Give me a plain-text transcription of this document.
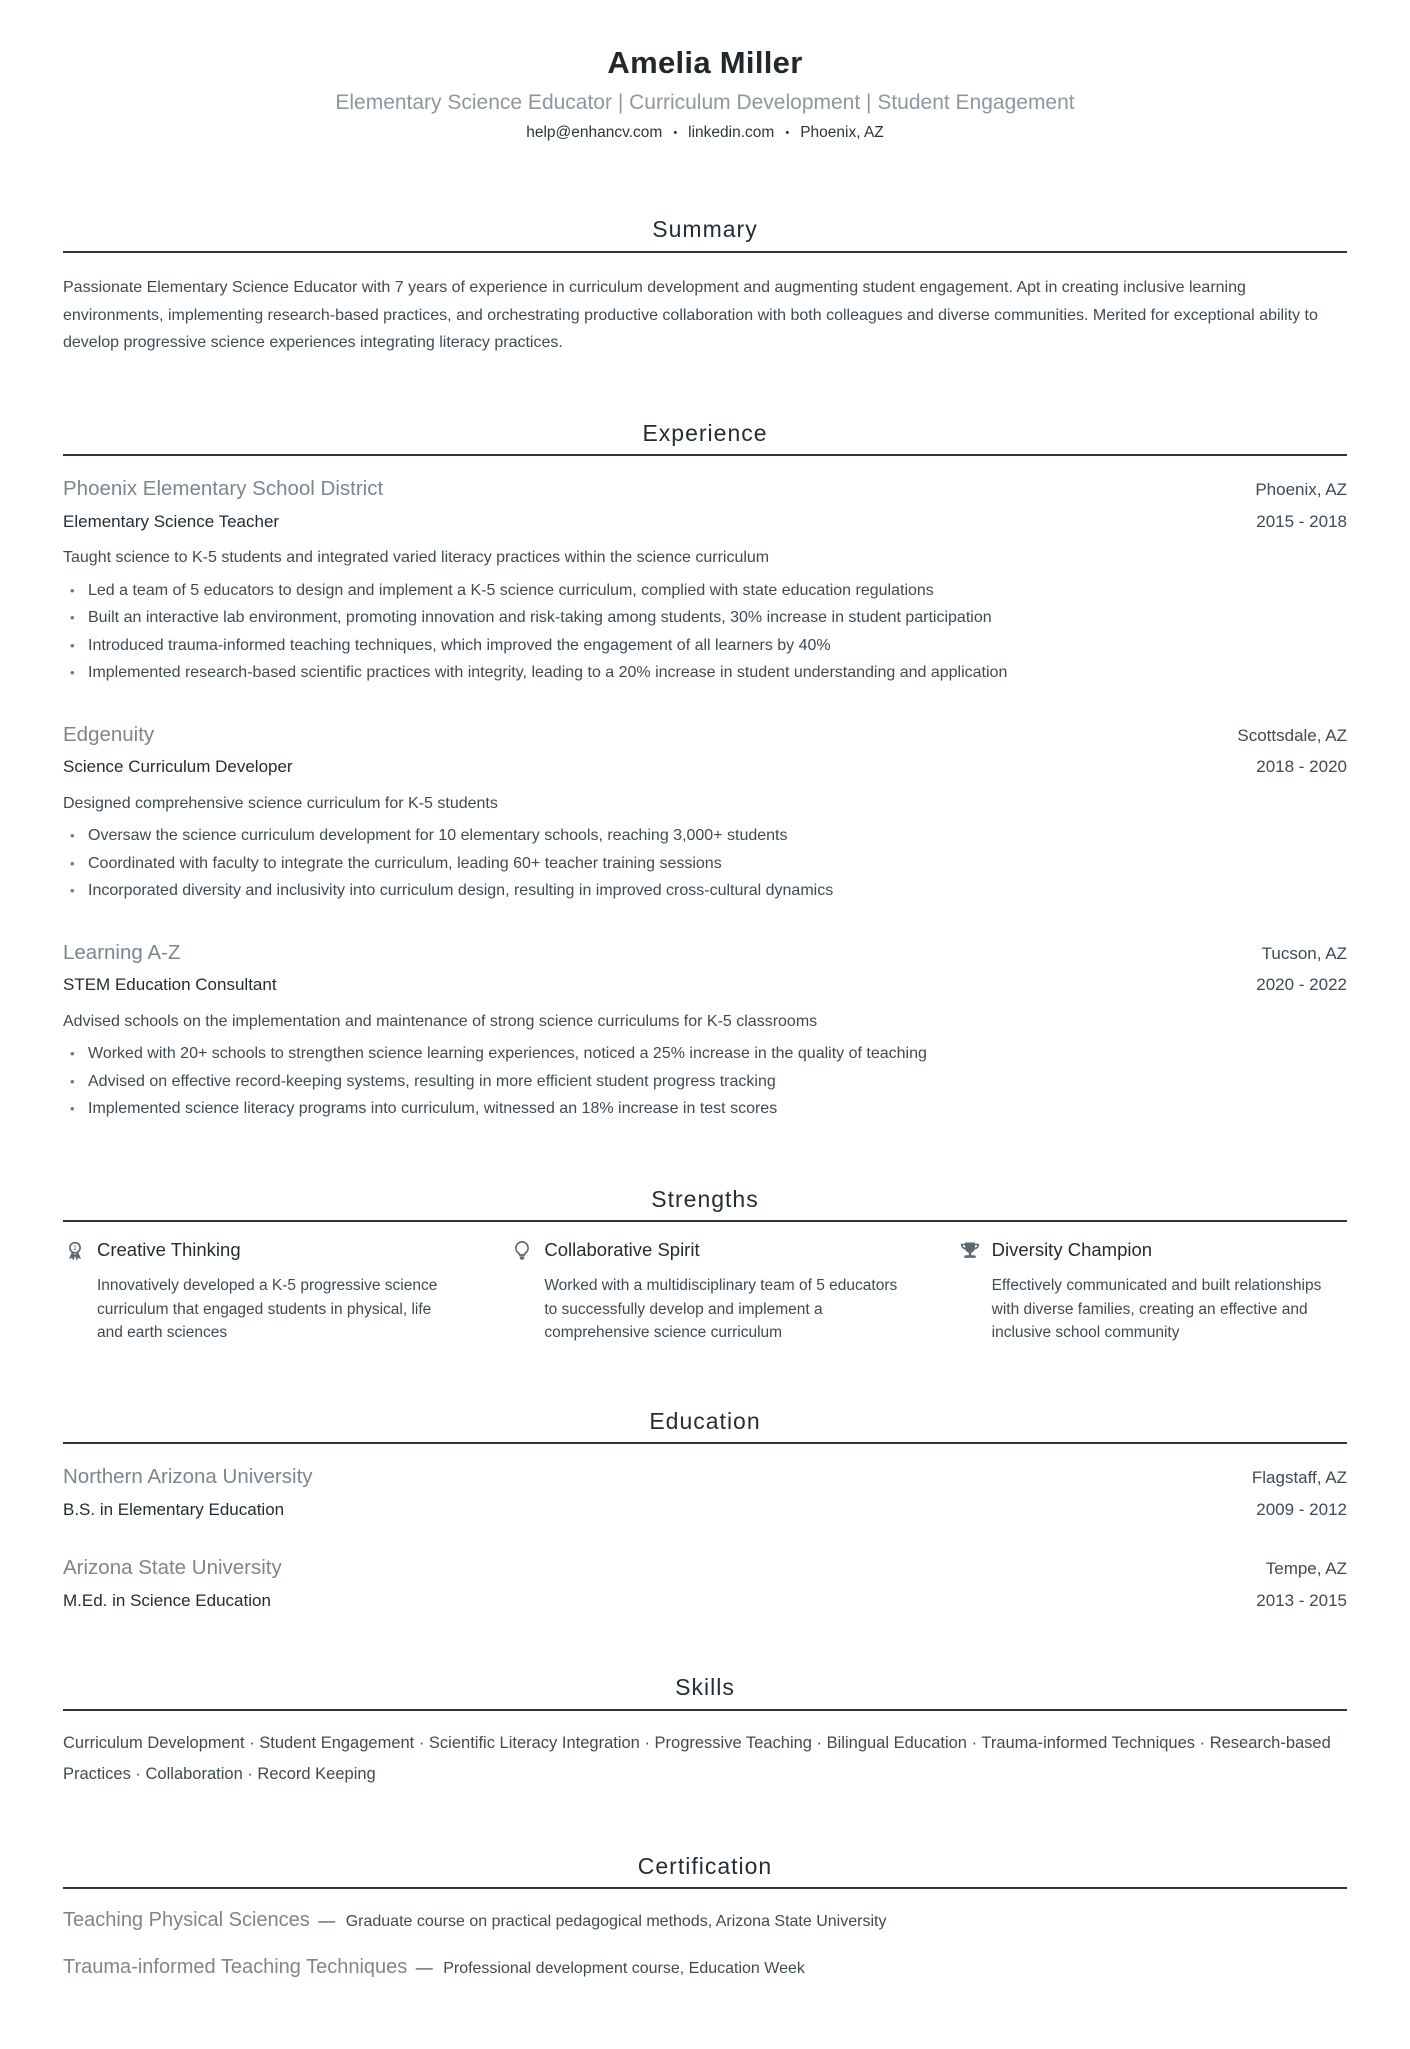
Amelia Miller
Elementary Science Educator | Curriculum Development | Student Engagement
help@enhancv.com • linkedin.com • Phoenix, AZ
Summary

Passionate Elementary Science Educator with 7 years of experience in curriculum development and augmenting student engagement. Apt in creating inclusive learning environments, implementing research-based practices, and orchestrating productive collaboration with both colleagues and diverse communities. Merited for exceptional ability to develop progressive science experiences integrating literacy practices.

Experience
Phoenix Elementary School District	Phoenix, AZ
Elementary Science Teacher	2015 - 2018

Taught science to K-5 students and integrated varied literacy practices within the science curriculum

• Led a team of 5 educators to design and implement a K-5 science curriculum, complied with state education regulations
• Built an interactive lab environment, promoting innovation and risk-taking among students, 30% increase in student participation
• Introduced trauma-informed teaching techniques, which improved the engagement of all learners by 40%
• Implemented research-based scientific practices with integrity, leading to a 20% increase in student understanding and application
Edgenuity	Scottsdale, AZ
Science Curriculum Developer	2018 - 2020

Designed comprehensive science curriculum for K-5 students

• Oversaw the science curriculum development for 10 elementary schools, reaching 3,000+ students
• Coordinated with faculty to integrate the curriculum, leading 60+ teacher training sessions
• Incorporated diversity and inclusivity into curriculum design, resulting in improved cross-cultural dynamics
Learning A-Z	Tucson, AZ
STEM Education Consultant	2020 - 2022

Advised schools on the implementation and maintenance of strong science curriculums for K-5 classrooms

• Worked with 20+ schools to strengthen science learning experiences, noticed a 25% increase in the quality of teaching
• Advised on effective record-keeping systems, resulting in more efficient student progress tracking
• Implemented science literacy programs into curriculum, witnessed an 18% increase in test scores
Strengths
1 Creative Thinking

Innovatively developed a K-5 progressive science curriculum that engaged students in physical, life and earth sciences

Collaborative Spirit

Worked with a multidisciplinary team of 5 educators to successfully develop and implement a comprehensive science curriculum

Diversity Champion

Effectively communicated and built relationships with diverse families, creating an effective and inclusive school community

Education
Northern Arizona University	Flagstaff, AZ
B.S. in Elementary Education	2009 - 2012
Arizona State University	Tempe, AZ
M.Ed. in Science Education	2013 - 2015
Skills

Curriculum Development · Student Engagement · Scientific Literacy Integration · Progressive Teaching · Bilingual Education · Trauma-informed Techniques · Research-based Practices · Collaboration · Record Keeping

Certification
Teaching Physical Sciences — Graduate course on practical pedagogical methods, Arizona State University
Trauma-informed Teaching Techniques — Professional development course, Education Week
